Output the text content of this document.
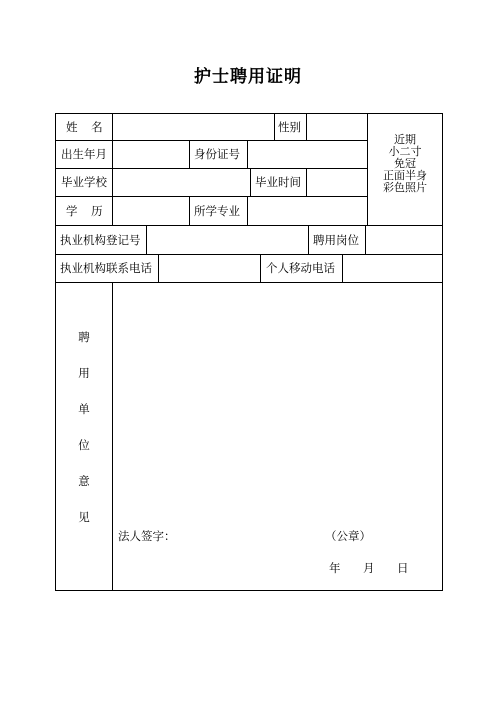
护士聘用证明
姓 名	性别
出生年月	身份证号
毕业学校	毕业时间
学 历	所学专业
执业机构登记号	聘用岗位
执业机构联系电话	个人移动电话
近期
小二寸
免冠
正面半身
彩色照片
聘
用
单
位
意
见
法人签字：	（公章）
年 月 日
